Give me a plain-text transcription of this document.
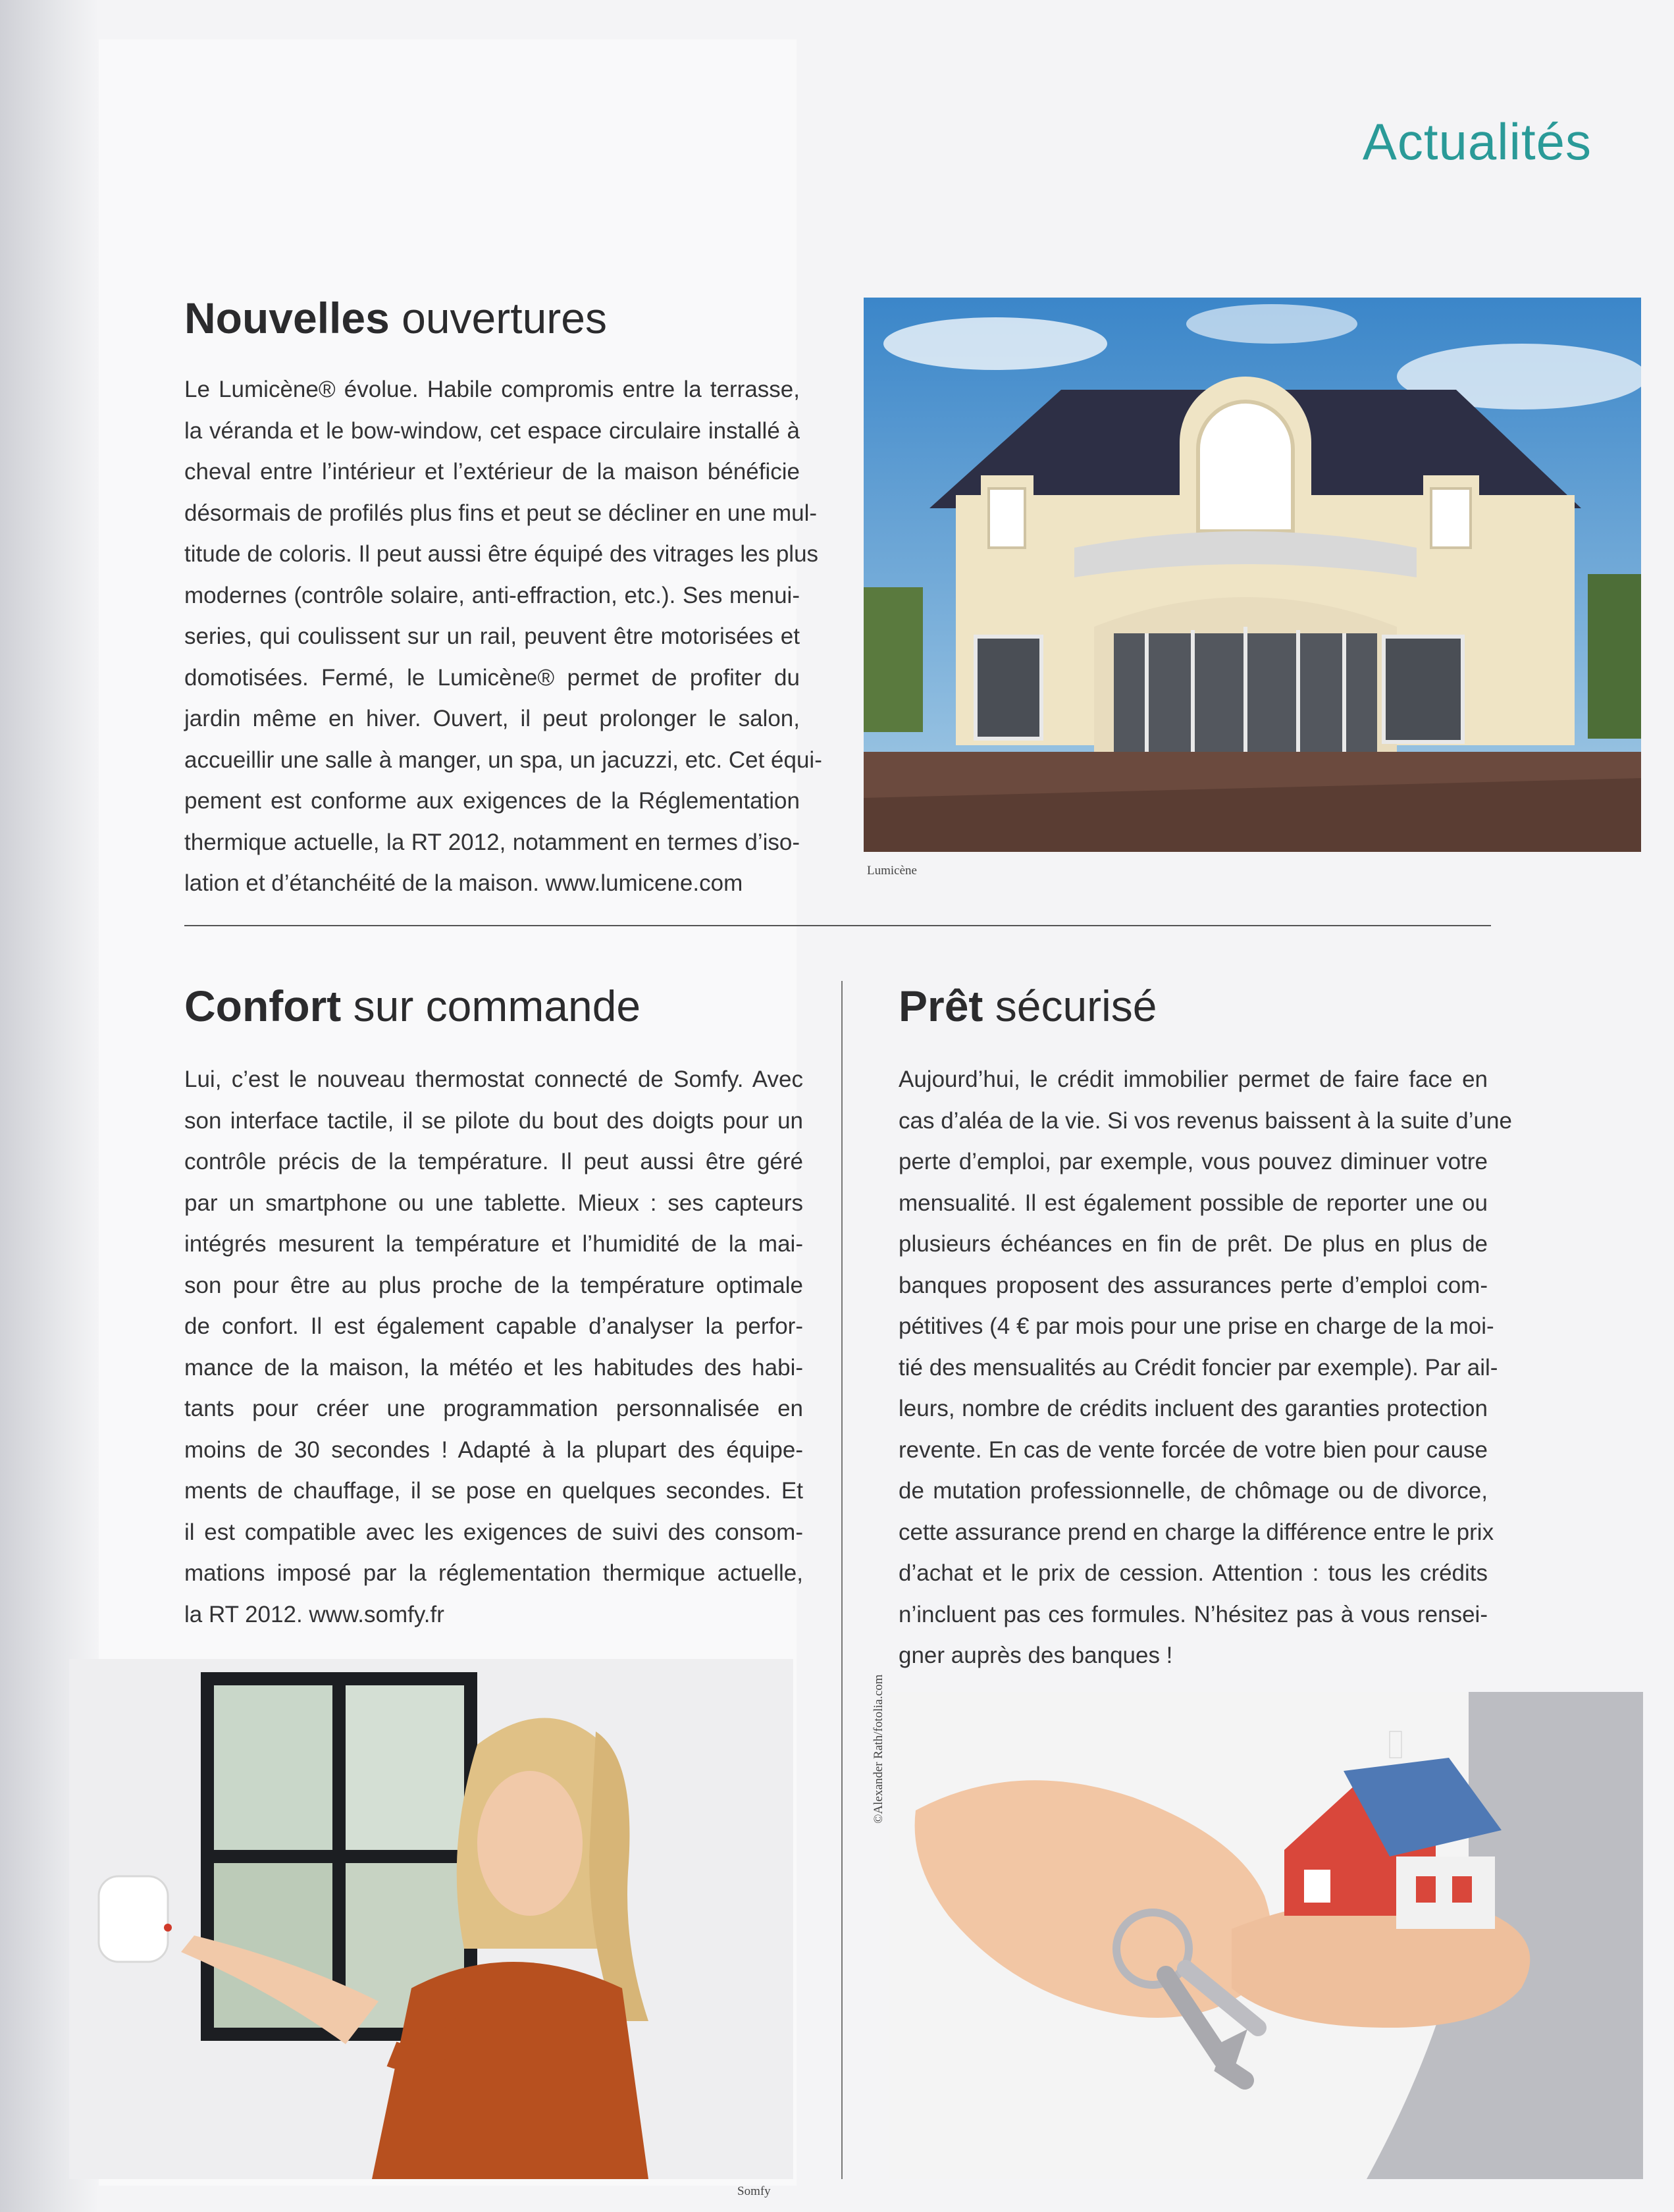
Actualités
Nouvelles ouvertures
Le Lumicène® évolue. Habile compromis entre la terrasse,
la véranda et le bow-window, cet espace circulaire installé à
cheval entre l’intérieur et l’extérieur de la maison bénéficie
désormais de profilés plus fins et peut se décliner en une mul-
titude de coloris. Il peut aussi être équipé des vitrages les plus
modernes (contrôle solaire, anti-effraction, etc.). Ses menui-
series, qui coulissent sur un rail, peuvent être motorisées et
domotisées. Fermé, le Lumicène® permet de profiter du
jardin même en hiver. Ouvert, il peut prolonger le salon,
accueillir une salle à manger, un spa, un jacuzzi, etc. Cet équi-
pement est conforme aux exigences de la Réglementation
thermique actuelle, la RT 2012, notamment en termes d’iso-
lation et d’étanchéité de la maison. www.lumicene.com	Lumicène
Confort sur commande
Lui, c’est le nouveau thermostat connecté de Somfy. Avec
son interface tactile, il se pilote du bout des doigts pour un
contrôle précis de la température. Il peut aussi être géré
par un smartphone ou une tablette. Mieux : ses capteurs
intégrés mesurent la température et l’humidité de la mai-
son pour être au plus proche de la température optimale
de confort. Il est également capable d’analyser la perfor-
mance de la maison, la météo et les habitudes des habi-
tants pour créer une programmation personnalisée en
moins de 30 secondes ! Adapté à la plupart des équipe-
ments de chauffage, il se pose en quelques secondes. Et
il est compatible avec les exigences de suivi des consom-
mations imposé par la réglementation thermique actuelle,
la RT 2012. www.somfy.fr
Somfy
Prêt sécurisé
Aujourd’hui, le crédit immobilier permet de faire face en
cas d’aléa de la vie. Si vos revenus baissent à la suite d’une
perte d’emploi, par exemple, vous pouvez diminuer votre
mensualité. Il est également possible de reporter une ou
plusieurs échéances en fin de prêt. De plus en plus de
banques proposent des assurances perte d’emploi com-
pétitives (4 € par mois pour une prise en charge de la moi-
tié des mensualités au Crédit foncier par exemple). Par ail-
leurs, nombre de crédits incluent des garanties protection
revente. En cas de vente forcée de votre bien pour cause
de mutation professionnelle, de chômage ou de divorce,
cette assurance prend en charge la différence entre le prix
d’achat et le prix de cession. Attention : tous les crédits
n’incluent pas ces formules. N’hésitez pas à vous rensei-
gner auprès des banques !
©Alexander Rath/fotolia.com
